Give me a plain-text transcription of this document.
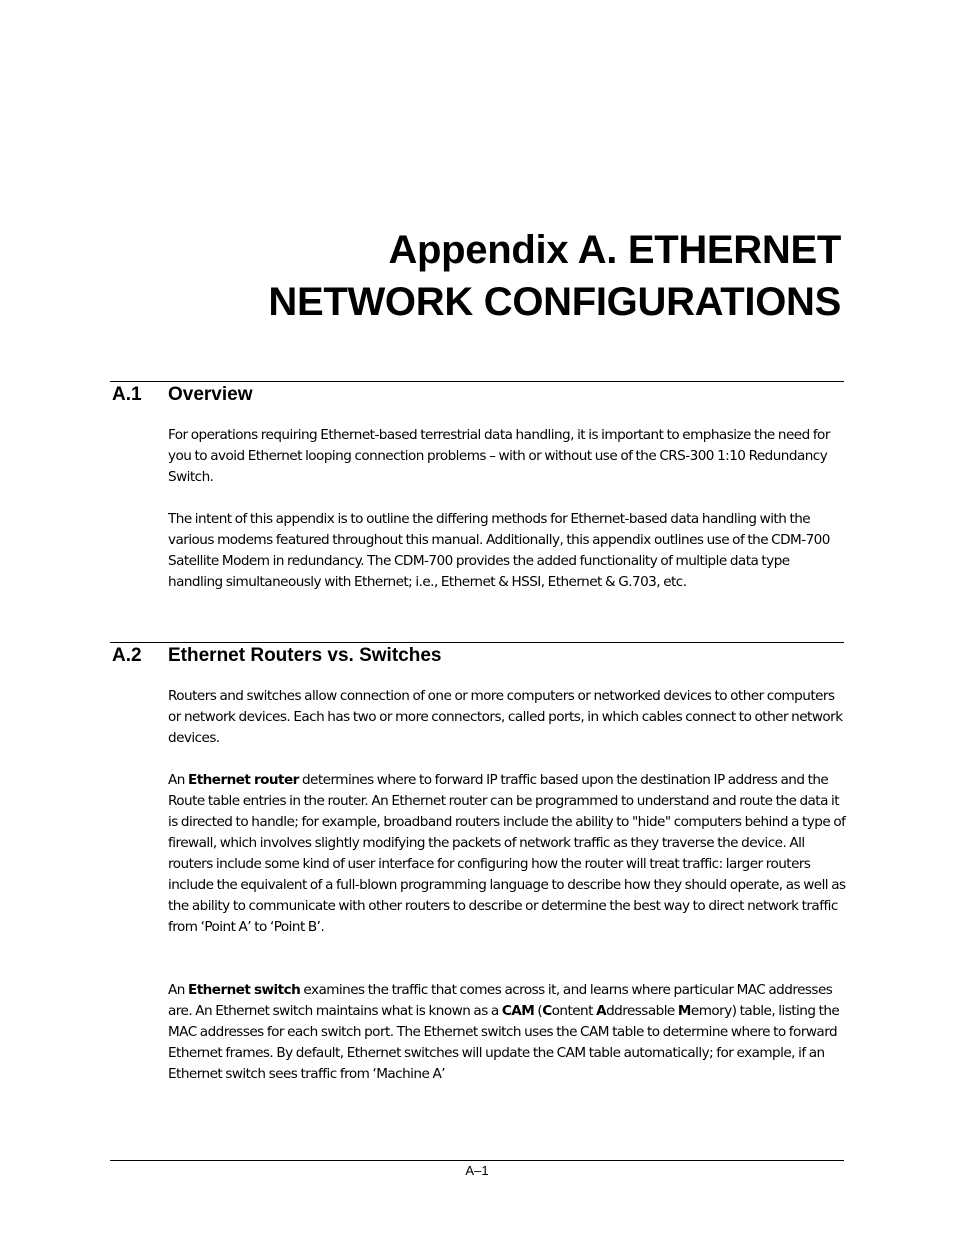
Appendix A. ETHERNET
NETWORK CONFIGURATIONS
A.1 Overview
For operations requiring Ethernet-based terrestrial data handling, it is important to emphasize the need for you to avoid Ethernet looping connection problems – with or without use of the CRS-300 1:10 Redundancy Switch.
The intent of this appendix is to outline the differing methods for Ethernet-based data handling with the various modems featured throughout this manual. Additionally, this appendix outlines use of the CDM-700 Satellite Modem in redundancy. The CDM-700 provides the added functionality of multiple data type handling simultaneously with Ethernet; i.e., Ethernet & HSSI, Ethernet & G.703, etc.
A.2 Ethernet Routers vs. Switches
Routers and switches allow connection of one or more computers or networked devices to other computers or network devices. Each has two or more connectors, called ports, in which cables connect to other network devices.
An Ethernet router determines where to forward IP traffic based upon the destination IP address and the Route table entries in the router. An Ethernet router can be programmed to understand and route the data it is directed to handle; for example, broadband routers include the ability to "hide" computers behind a type of firewall, which involves slightly modifying the packets of network traffic as they traverse the device. All routers include some kind of user interface for configuring how the router will treat traffic: larger routers include the equivalent of a full-blown programming language to describe how they should operate, as well as the ability to communicate with other routers to describe or determine the best way to direct network traffic from ‘Point A’ to ‘Point B’.
An Ethernet switch examines the traffic that comes across it, and learns where particular MAC addresses are. An Ethernet switch maintains what is known as a CAM (Content Addressable Memory) table, listing the MAC addresses for each switch port. The Ethernet switch uses the CAM table to determine where to forward Ethernet frames. By default, Ethernet switches will update the CAM table automatically; for example, if an Ethernet switch sees traffic from ‘Machine A’
A–1
